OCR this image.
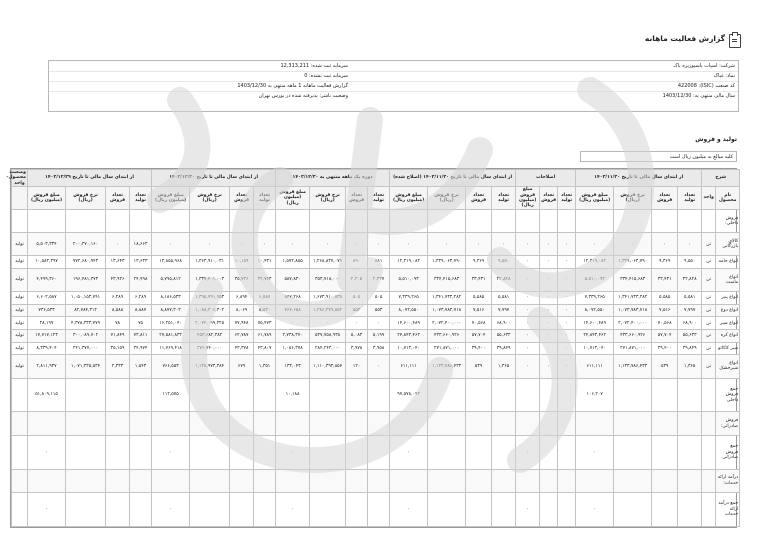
گزارش فعالیت ماهانه
شرکت: اسپات پاسپوزیزه پاک
سرمایه ثبت شده: 12,313,211
نماد: غپاک
سرمایه ثبت نشده: 0
کد صنعت (ISIC): 422008
گزارش فعالیت ماهانه 1 ماهه منتهی به 1403/12/30
سال مالی منتهی به: 1403/12/30
وضعیت ناشر: پذیرفته شده در بورس تهران
تولید و فروش
کلیه مبالغ به میلیون ریال است
شرح		از ابتدای سال مالی تا تاریخ ۱۴۰۳/۱۱/۳۰				اصلاحات			از ابتدای سال مالی تا تاریخ ۱۴۰۳/۱۱/۳۰ (اصلاح شده)				دوره یک ماهه منتهی به ۱۴۰۳/۱۲/۳۰				از ابتدای سال مالی تا تاریخ ۱۴۰۳/۱۲/۳۰				از ابتدای سال مالی تا تاریخ ۱۴۰۲/۱۲/۲۹				وضعیت محصول- واحد
نام محصول	واحد	تعداد تولید	تعداد فروش	نرخ فروش (ریال)	مبلغ فروش (میلیون ریال)	تعداد تولید	تعداد فروش	مبلغ فروش (میلیون ریال)	تعداد تولید	تعداد فروش	نرخ فروش (ریال)	مبلغ فروش (میلیون ریال)	تعداد تولید	تعداد فروش	نرخ فروش (ریال)	مبلغ فروش (میلیون ریال)	تعداد تولید	تعداد فروش	نرخ فروش (ریال)	مبلغ فروش (میلیون ریال)	تعداد تولید	تعداد فروش	نرخ فروش (ریال)	مبلغ فروش (میلیون ریال)	
فروش داخلی:																									
کالای بازرگانی	تن	۰	۰	۰	۰	۰	۰	۰	۰	۰	۰	۰	۰	۰	۰	۰	۰	۰	۰	۰	۱۸,۶۶۳	۰	۲۰۰,۲۷۰,۱۶۰	۵,۵۰۳,۳۳۴	تولید
انواع خامه	تن	۹,۵۵۰	۹,۳۶۹	۱,۳۳۹,۰۶۳,۷۹۰	۱۲,۳۱۹,۰۸۲	۰	۰	۰	۹,۵۵۰	۹,۳۶۹	۱,۳۳۹,۰۶۳,۷۹۰	۱۲,۳۱۹,۰۸۲	۸۸۱	۸۹۰	۱,۲۶۸,۸۳۷,۰۷۹	۱,۵۷۲,۸۸۵	۱۰,۴۳۱	۱۰,۱۵۹	۱,۳۶۳,۹۱۰,۰۳۱	۱۳,۸۵۵,۹۶۸	۱۳,۶۳۳	۱۳,۶۴۳	۷۷۲,۶۸۰,۹۴۳	۱۰,۵۸۳,۳۹۷	تولید
انواع ماست	تن	۳۲,۸۲۸	۳۳,۴۳۱	۳۳۴,۴۱۵,۶۸۳	۵,۵۱۰,۰۹۳	۰	۰	۰	۳۲,۸۲۸	۳۳,۴۳۱	۳۳۴,۴۱۵,۶۸۳	۵,۵۱۰,۰۹۳	۲,۳۳۷	۲,۳۰۵	۳۵۳,۷۱۸,۰۰۰	۵۸۷,۸۳۰	۳۴,۷۴۳	۳۵,۷۳۶	۱,۳۳۷,۴۰۱,۰۰۳	۵,۷۹۵,۸۱۲	۲۴,۹۹۸	۴۳,۹۲۶	۱۹۶,۴۸۱,۳۷۳	۴,۴۹۹,۳۶۰	تولید
انواع پنیر	تن	۵,۵۸۱	۵,۵۸۵	۱,۳۴۱,۷۳۳,۲۸۲	۷,۳۳۹,۲۶۵	۰	۰	۰	۵,۵۸۱	۵,۵۸۵	۱,۳۴۱,۷۳۳,۲۸۲	۷,۳۳۹,۲۶۵	۵۰۵	۵۰۵	۱,۶۷۳,۹۱۰,۸۳۵	۸۴۷,۲۶۸	۶,۵۸۷	۶,۸۹۴	۱,۳۹۵,۷۹۱,۹۵۳	۸,۱۸۶,۵۳۳	۶,۲۸۹	۶,۲۸۹	۱,۰۵۰,۱۵۳,۷۹۱	۶,۶۰۲,۵۸۷	تولید
انواع دوغ	تن	۷,۷۹۷	۷,۵۱۶	۱,۰۷۳,۷۸۳,۷۱۸	۸,۰۷۲,۵۵۰	۰	۰	۰	۷,۷۹۷	۷,۵۱۶	۱,۰۷۳,۷۸۳,۷۱۸	۸,۰۷۲,۵۵۰	۵۵۳	۵۵۳	۱,۳۸۶,۳۷۹,۵۵۲	۷۶۷,۶۵۸	۸,۵۳۰	۸,۰۶۹	۱,۰۸۸,۳۰۶,۳۰۲	۸,۸۷۷,۳۰۳	۸,۸۸۷	۸,۵۸۸	۸۲,۷۸۴,۳۱۲	۷۳۶,۵۳۳	تولید
انواع شیر	تن	۶۸,۹۰۰	۷۰,۵۶۸	۲,۰۷۲,۴۰۰,۰۰۰	۱۴,۶۰۰,۴۸۹	۰	۰	۰	۶۸,۹۰۰	۷۰,۵۶۸	۲,۰۷۲,۴۰۰,۰۰۰	۱۴,۶۰۰,۴۸۹	۰	۰	۰	۰	۷۵,۴۷۳	۷۷,۹۴۸	۲,۰۷۴,۰۹۹,۲۲۵	۱۶,۲۵۱,۰۴۰	۷۵	۷۸	۴,۳۷۸,۳۳۳,۷۷۹	۳۸,۱۹۷	تولید
انواع کره	تن	۵۵,۶۳۳	۵۷,۷۰۴	۴۳۳,۶۶۰,۹۲۶	۲۴,۸۴۳,۴۶۲	۰	۰	۰	۵۵,۶۳۳	۵۷,۷۰۴	۴۳۳,۶۶۰,۹۲۶	۲۴,۸۴۳,۴۶۲	۵,۱۹۹	۵,۰۸۳	۵۳۷,۷۵۸,۹۳۸	۲,۷۳۸,۳۷۰	۶۱,۷۸۹	۶۲,۷۸۷	۴۵۳,۶۸۲,۳۸۲	۲۷,۵۸۱,۸۳۲	۷۳,۸۱۱	۷۱,۸۴۹	۳۰۰,۰۸۹,۷۰۲	۱۷,۷۱۷,۱۲۳	تولید
شیر کاکائو	تن	۳۹,۸۴۹	۳۹,۴۰۰	۲۷۱,۸۷۱,۰۰۰	۱۰,۷۱۳,۰۴۰	۰	۰	۰	۳۹,۸۴۹	۳۹,۴۰۰	۲۷۱,۸۷۱,۰۰۰	۱۰,۷۱۳,۰۴۰	۳,۹۵۸	۳,۹۷۸	۲۸۴,۲۴۳,۰۰۰	۱,۰۵۶,۳۷۸	۴۳,۸۰۷	۴۳,۳۷۸	۳۷۶,۷۴۰,۰۰۰	۱۱,۷۶۹,۴۱۸	۳۴,۹۷۴	۳۵,۱۵۹	۲۴۱,۳۷۷,۰۰۰	۸,۳۳۹,۴۰۴	تولید
انواع شیرخشک	تن	۱,۳۶۵	۵۳۹	۱,۱۳۳,۷۸۶,۴۳۳	۶۱۱,۱۱۱	۰	۰	۰	۱,۳۶۵	۵۳۹	۱,۱۳۳,۷۸۶,۴۳۳	۶۱۱,۱۱۱	۰	۱۲۰	۱,۱۱۰,۳۹۳,۸۵۷	۱۳۳,۰۴۳	۱,۳۵۱	۶۷۹	۱,۱۳۸,۹۷۳,۳۸۴	۷۶۶,۵۵۳	۱,۵۴۳	۲,۳۳۳	۱,۰۷۱,۳۳۵,۵۳۴	۲,۸۱۱,۹۳۷	تولید
جمع فروش داخلی					۱۰۶,۲۰۷							۹۷,۵۷۸,۰۹۲				۱۰,۱۸۸				۱۱۲,۵۷۵				۵۱,۸۰۹,۱۱۵	
فروش صادراتی:																									
جمع فروش صادراتی					۰			۰				۰				۰				۰				۰	
درآمد ارائه خدمات:																									
جمع درآمد ارائه خدمات					۰			۰				۰				۰				۰				۰	
